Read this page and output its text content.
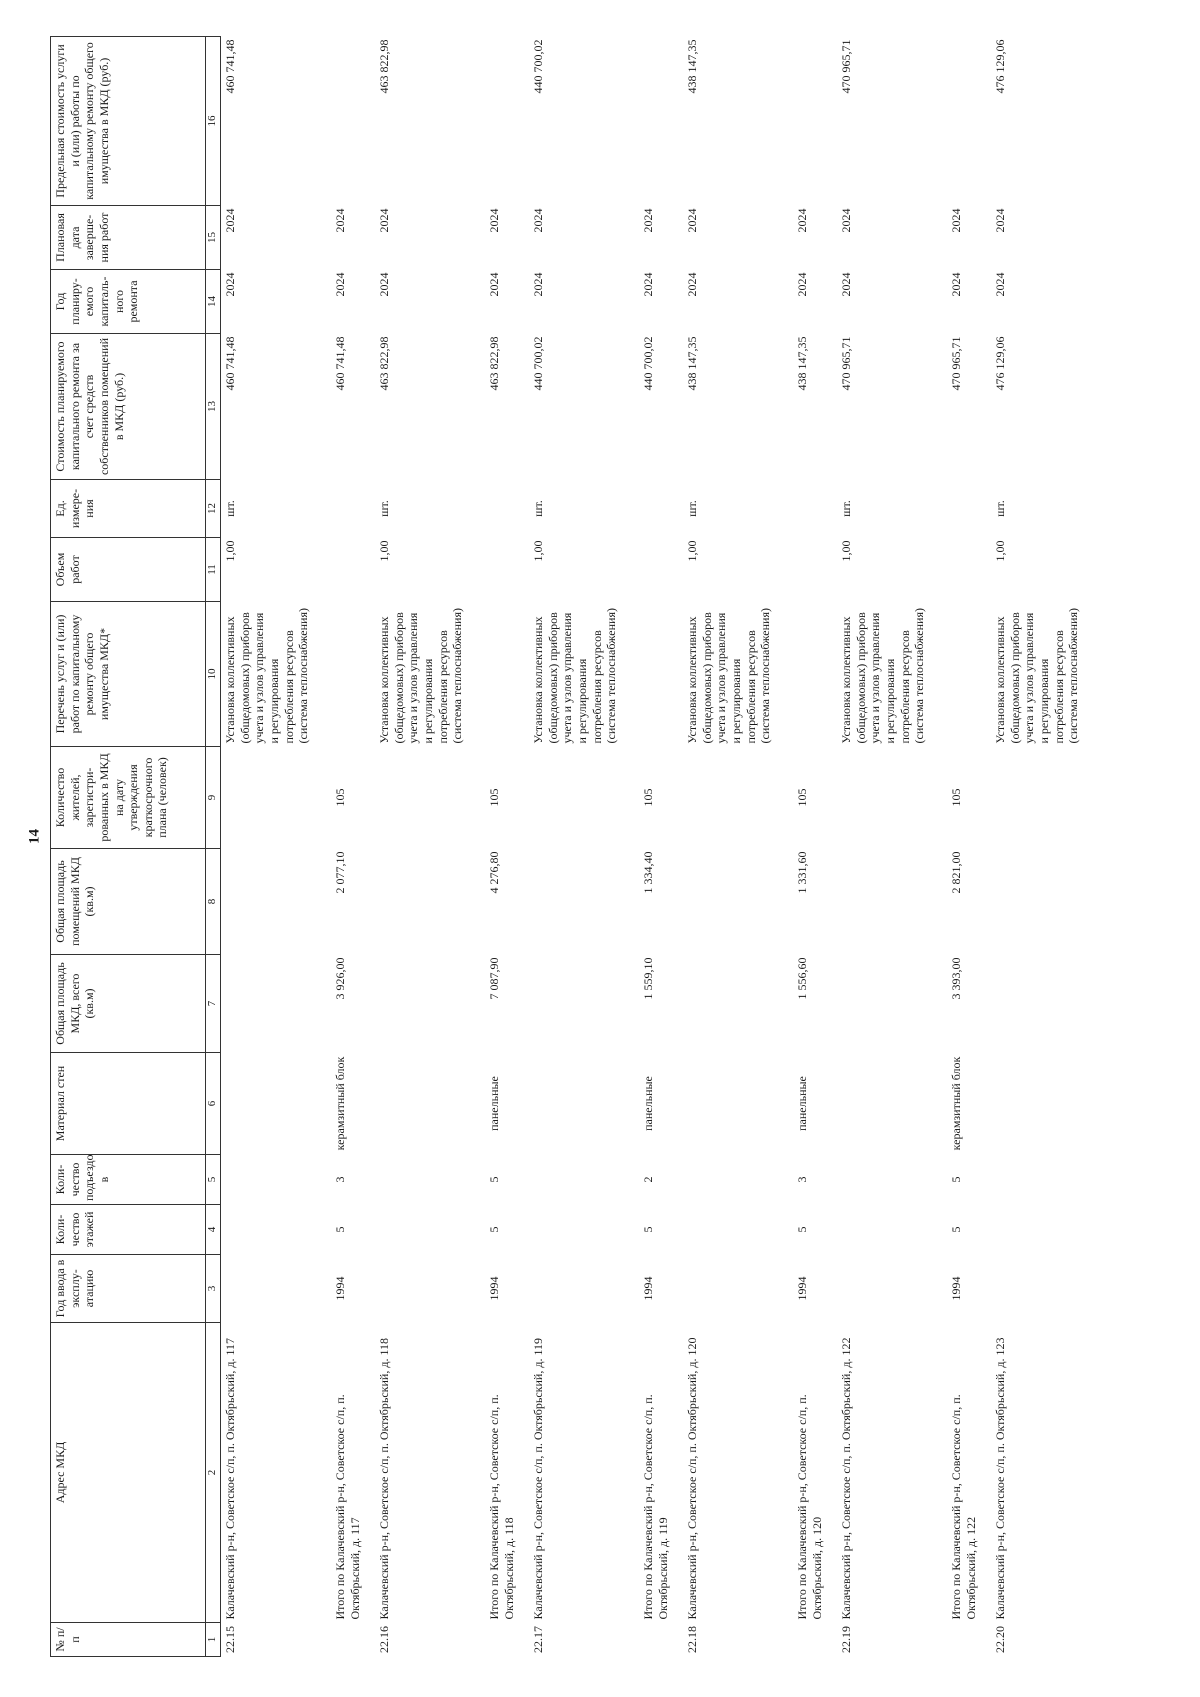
14
№ п/п	Адрес МКД	Год ввода в эксплу-атацию	Коли-чество этажей	Коли-чество подъездо в	Материал стен	Общая площадь МКД, всего (кв.м)	Общая площадь помещений МКД (кв.м)	Количество жителей, зарегистри-рованных в МКД на дату утверждения краткосрочного плана (человек)	Перечень услуг и (или) работ по капитальному ремонту общего имущества МКД*	Объем работ	Ед. измере-ния	Стоимость планируемого капитального ремонта за счет средств собственников помещений в МКД (руб.)	Год планиру-емого капиталь-ного ремонта	Плановая дата заверше-ния работ	Предельная стоимость услуги и (или) работы по капитальному ремонту общего имущества в МКД (руб.)
1	2	3	4	5	6	7	8	9	10	11	12	13	14	15	16
22.15	Калачевский р-н, Советское с/п, п. Октябрьский, д. 117								Установка коллективных (общедомовых) приборов учета и узлов управления и регулирования потребления ресурсов (система теплоснабжения)	1,00	шт.	460 741,48	2024	2024	460 741,48
	Итого по Калачевский р-н, Советское с/п, п. Октябрьский, д. 117	1994	5	3	керамзитный блок	3 926,00	2 077,10	105				460 741,48	2024	2024	
22.16	Калачевский р-н, Советское с/п, п. Октябрьский, д. 118								Установка коллективных (общедомовых) приборов учета и узлов управления и регулирования потребления ресурсов (система теплоснабжения)	1,00	шт.	463 822,98	2024	2024	463 822,98
	Итого по Калачевский р-н, Советское с/п, п. Октябрьский, д. 118	1994	5	5	панельные	7 087,90	4 276,80	105				463 822,98	2024	2024	
22.17	Калачевский р-н, Советское с/п, п. Октябрьский, д. 119								Установка коллективных (общедомовых) приборов учета и узлов управления и регулирования потребления ресурсов (система теплоснабжения)	1,00	шт.	440 700,02	2024	2024	440 700,02
	Итого по Калачевский р-н, Советское с/п, п. Октябрьский, д. 119	1994	5	2	панельные	1 559,10	1 334,40	105				440 700,02	2024	2024	
22.18	Калачевский р-н, Советское с/п, п. Октябрьский, д. 120								Установка коллективных (общедомовых) приборов учета и узлов управления и регулирования потребления ресурсов (система теплоснабжения)	1,00	шт.	438 147,35	2024	2024	438 147,35
	Итого по Калачевский р-н, Советское с/п, п. Октябрьский, д. 120	1994	5	3	панельные	1 556,60	1 331,60	105				438 147,35	2024	2024	
22.19	Калачевский р-н, Советское с/п, п. Октябрьский, д. 122								Установка коллективных (общедомовых) приборов учета и узлов управления и регулирования потребления ресурсов (система теплоснабжения)	1,00	шт.	470 965,71	2024	2024	470 965,71
	Итого по Калачевский р-н, Советское с/п, п. Октябрьский, д. 122	1994	5	5	керамзитный блок	3 393,00	2 821,00	105				470 965,71	2024	2024	
22.20	Калачевский р-н, Советское с/п, п. Октябрьский, д. 123								Установка коллективных (общедомовых) приборов учета и узлов управления и регулирования потребления ресурсов (система теплоснабжения)	1,00	шт.	476 129,06	2024	2024	476 129,06
